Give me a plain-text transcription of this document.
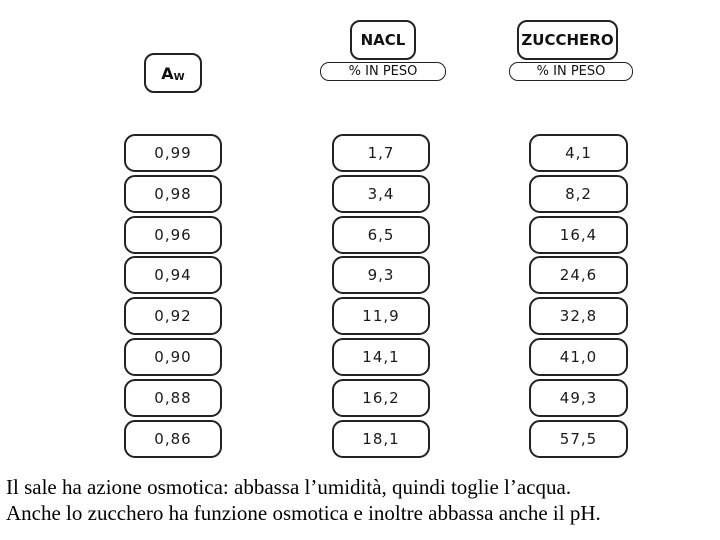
A W
NACL
% IN PESO
ZUCCHERO
% IN PESO
0,99
0,98
0,96
0,94
0,92
0,90
0,88
0,86
1,7
3,4
6,5
9,3
11,9
14,1
16,2
18,1
4,1
8,2
16,4
24,6
32,8
41,0
49,3
57,5
Il sale ha azione osmotica: abbassa l’umidità, quindi toglie l’acqua.
Anche lo zucchero ha funzione osmotica e inoltre abbassa anche il pH.
